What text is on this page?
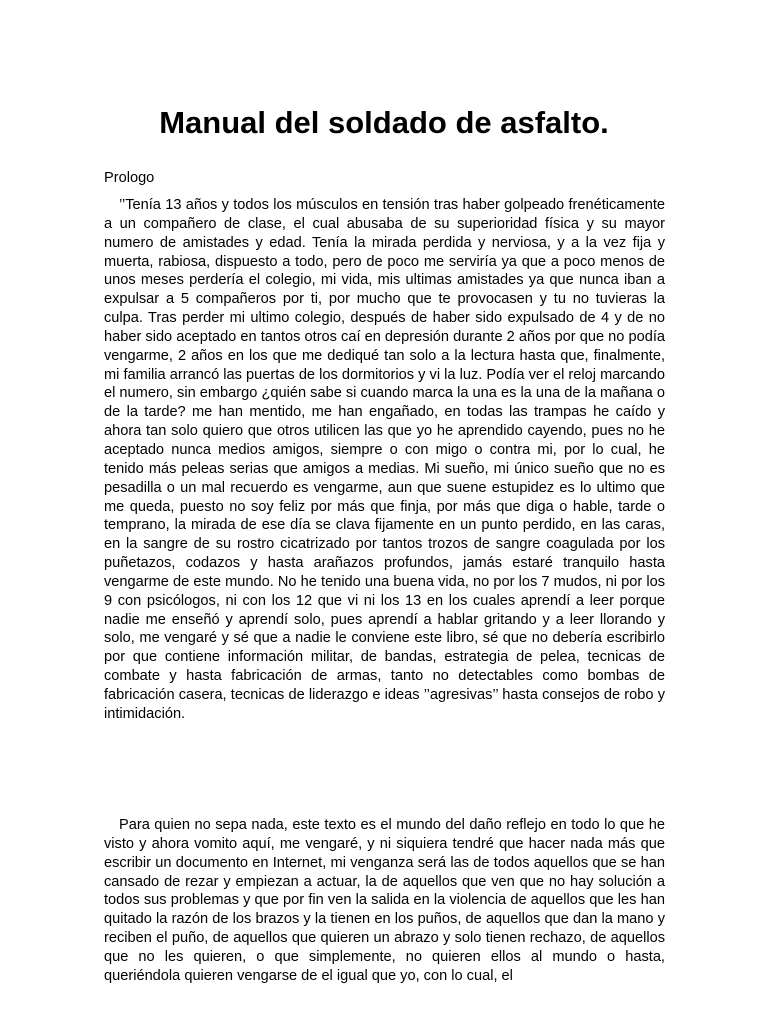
Manual del soldado de asfalto.

Prologo

’’Tenía 13 años y todos los músculos en tensión tras haber golpeado frenéticamente a un compañero de clase, el cual abusaba de su superioridad física y su mayor numero de amistades y edad. Tenía la mirada perdida y nerviosa, y a la vez fija y muerta, rabiosa, dispuesto a todo, pero de poco me serviría ya que a poco menos de unos meses perdería el colegio, mi vida, mis ultimas amistades ya que nunca iban a expulsar a 5 compañeros por ti, por mucho que te provocasen y tu no tuvieras la culpa. Tras perder mi ultimo colegio, después de haber sido expulsado de 4 y de no haber sido aceptado en tantos otros caí en depresión durante 2 años por que no podía vengarme, 2 años en los que me dediqué tan solo a la lectura hasta que, finalmente, mi familia arrancó las puertas de los dormitorios y vi la luz. Podía ver el reloj marcando el numero, sin embargo ¿quién sabe si cuando marca la una es la una de la mañana o de la tarde? me han mentido, me han engañado, en todas las trampas he caído y ahora tan solo quiero que otros utilicen las que yo he aprendido cayendo, pues no he aceptado nunca medios amigos, siempre o con migo o contra mi, por lo cual, he tenido más peleas serias que amigos a medias. Mi sueño, mi único sueño que no es pesadilla o un mal recuerdo es vengarme, aun que suene estupidez es lo ultimo que me queda, puesto no soy feliz por más que finja, por más que diga o hable, tarde o temprano, la mirada de ese día se clava fijamente en un punto perdido, en las caras, en la sangre de su rostro cicatrizado por tantos trozos de sangre coagulada por los puñetazos, codazos y hasta arañazos profundos, jamás estaré tranquilo hasta vengarme de este mundo. No he tenido una buena vida, no por los 7 mudos, ni por los 9 con psicólogos, ni con los 12 que vi ni los 13 en los cuales aprendí a leer porque nadie me enseñó y aprendí solo, pues aprendí a hablar gritando y a leer llorando y solo, me vengaré y sé que a nadie le conviene este libro, sé que no debería escribirlo por que contiene información militar, de bandas, estrategia de pelea, tecnicas de combate y hasta fabricación de armas, tanto no detectables como bombas de fabricación casera, tecnicas de liderazgo e ideas ’’agresivas’’ hasta consejos de robo y intimidación.

Para quien no sepa nada, este texto es el mundo del daño reflejo en todo lo que he visto y ahora vomito aquí, me vengaré, y ni siquiera tendré que hacer nada más que escribir un documento en Internet, mi venganza será las de todos aquellos que se han cansado de rezar y empiezan a actuar, la de aquellos que ven que no hay solución a todos sus problemas y que por fin ven la salida en la violencia de aquellos que les han quitado la razón de los brazos y la tienen en los puños, de aquellos que dan la mano y reciben el puño, de aquellos que quieren un abrazo y solo tienen rechazo, de aquellos que no les quieren, o que simplemente, no quieren ellos al mundo o hasta, queriéndola quieren vengarse de el igual que yo, con lo cual, el
